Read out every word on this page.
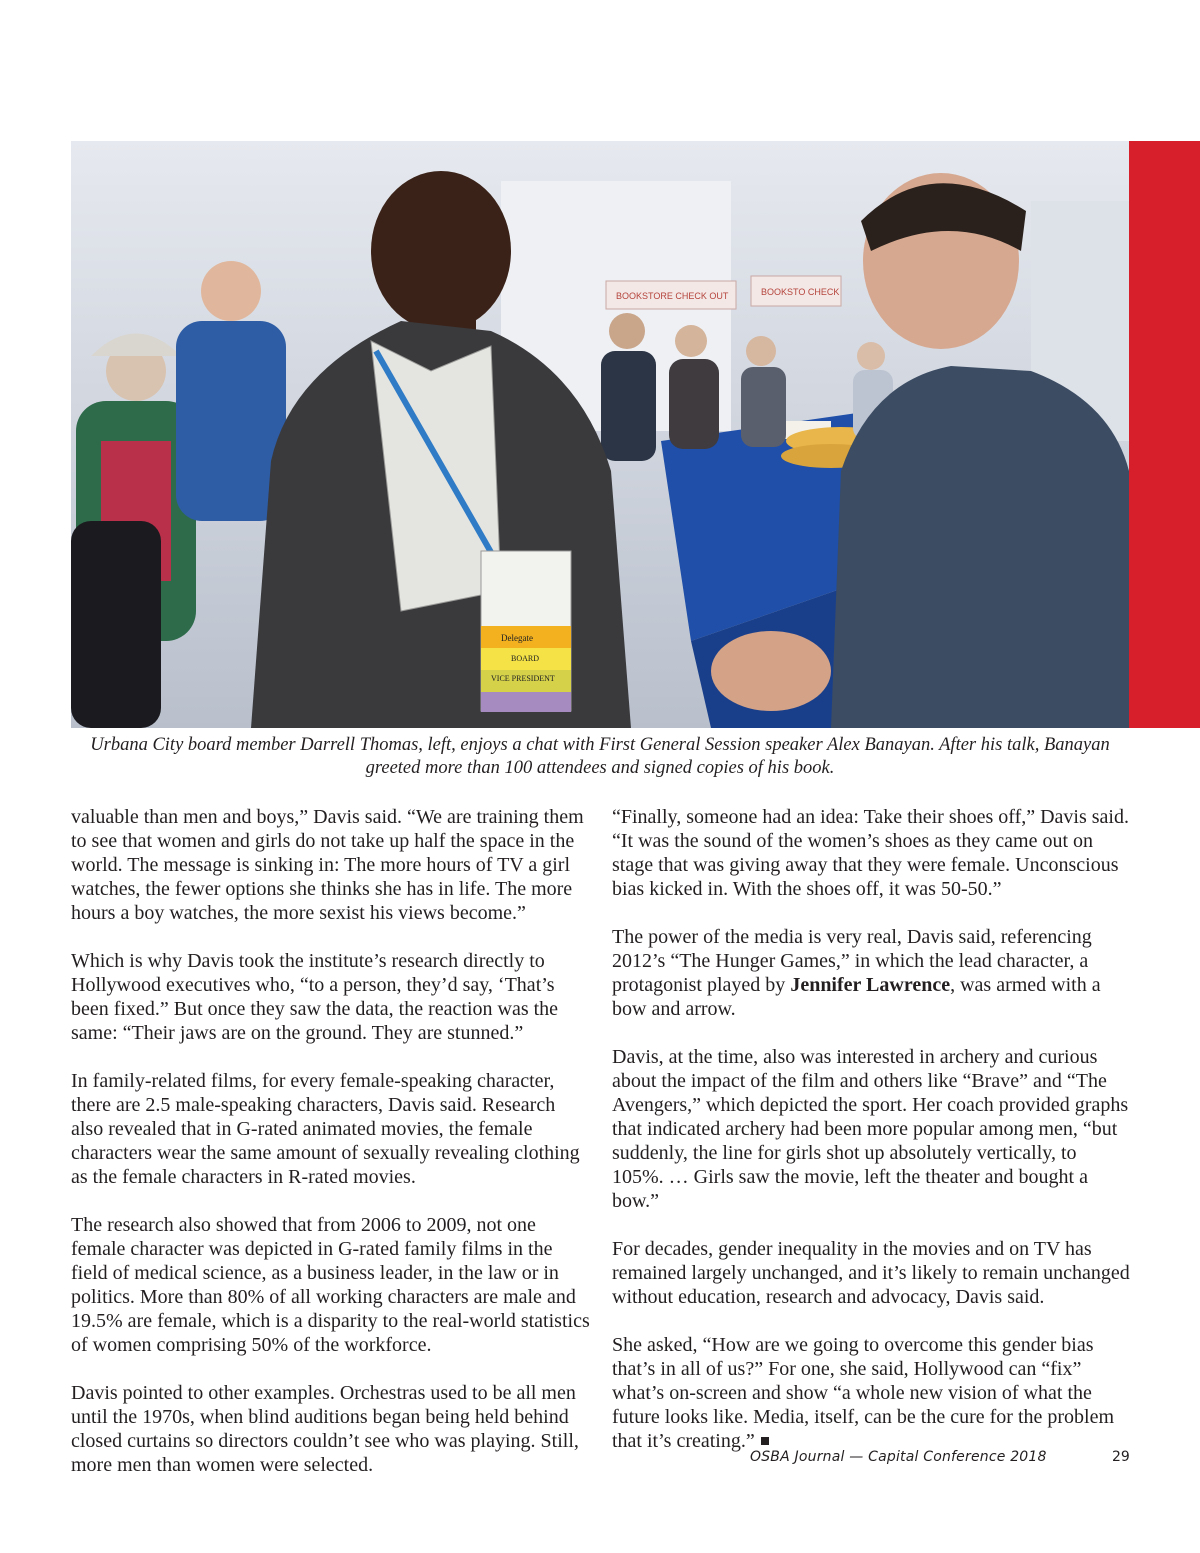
BOOKSTORE CHECK OUT	BOOKSTO CHECK
Delegate
BOARD
VICE PRESIDENT

Urbana City board member Darrell Thomas, left, enjoys a chat with First General Session speaker Alex Banayan. After his talk, Banayan

greeted more than 100 attendees and signed copies of his book.

valuable than men and boys,” Davis said. “We are training them to see that women and girls do not take up half the space in the world. The message is sinking in: The more hours of TV a girl watches, the fewer options she thinks she has in life. The more hours a boy watches, the more sexist his views become.”

Which is why Davis took the institute’s research directly to Hollywood executives who, “to a person, they’d say, ‘That’s been fixed.” But once they saw the data, the reaction was the same: “Their jaws are on the ground. They are stunned.”

In family-related films, for every female-speaking character, there are 2.5 male-speaking characters, Davis said. Research also revealed that in G-rated animated movies, the female characters wear the same amount of sexually revealing clothing as the female characters in R-rated movies.

The research also showed that from 2006 to 2009, not one female character was depicted in G-rated family films in the field of medical science, as a business leader, in the law or in politics. More than 80% of all working characters are male and 19.5% are female, which is a disparity to the real-world statistics of women comprising 50% of the workforce.

Davis pointed to other examples. Orchestras used to be all men until the 1970s, when blind auditions began being held behind closed curtains so directors couldn’t see who was playing. Still, more men than women were selected.

“Finally, someone had an idea: Take their shoes off,” Davis said. “It was the sound of the women’s shoes as they came out on stage that was giving away that they were female. Unconscious bias kicked in. With the shoes off, it was 50-50.”

The power of the media is very real, Davis said, referencing 2012’s “The Hunger Games,” in which the lead character, a protagonist played by Jennifer Lawrence, was armed with a bow and arrow.

Davis, at the time, also was interested in archery and curious about the impact of the film and others like “Brave” and “The Avengers,” which depicted the sport. Her coach provided graphs that indicated archery had been more popular among men, “but suddenly, the line for girls shot up absolutely vertically, to 105%. … Girls saw the movie, left the theater and bought a bow.”

For decades, gender inequality in the movies and on TV has remained largely unchanged, and it’s likely to remain unchanged without education, research and advocacy, Davis said.

She asked, “How are we going to overcome this gender bias that’s in all of us?” For one, she said, Hollywood can “fix” what’s on-screen and show “a whole new vision of what the future looks like. Media, itself, can be the cure for the problem that it’s creating.”

OSBA Journal — Capital Conference 2018	29
